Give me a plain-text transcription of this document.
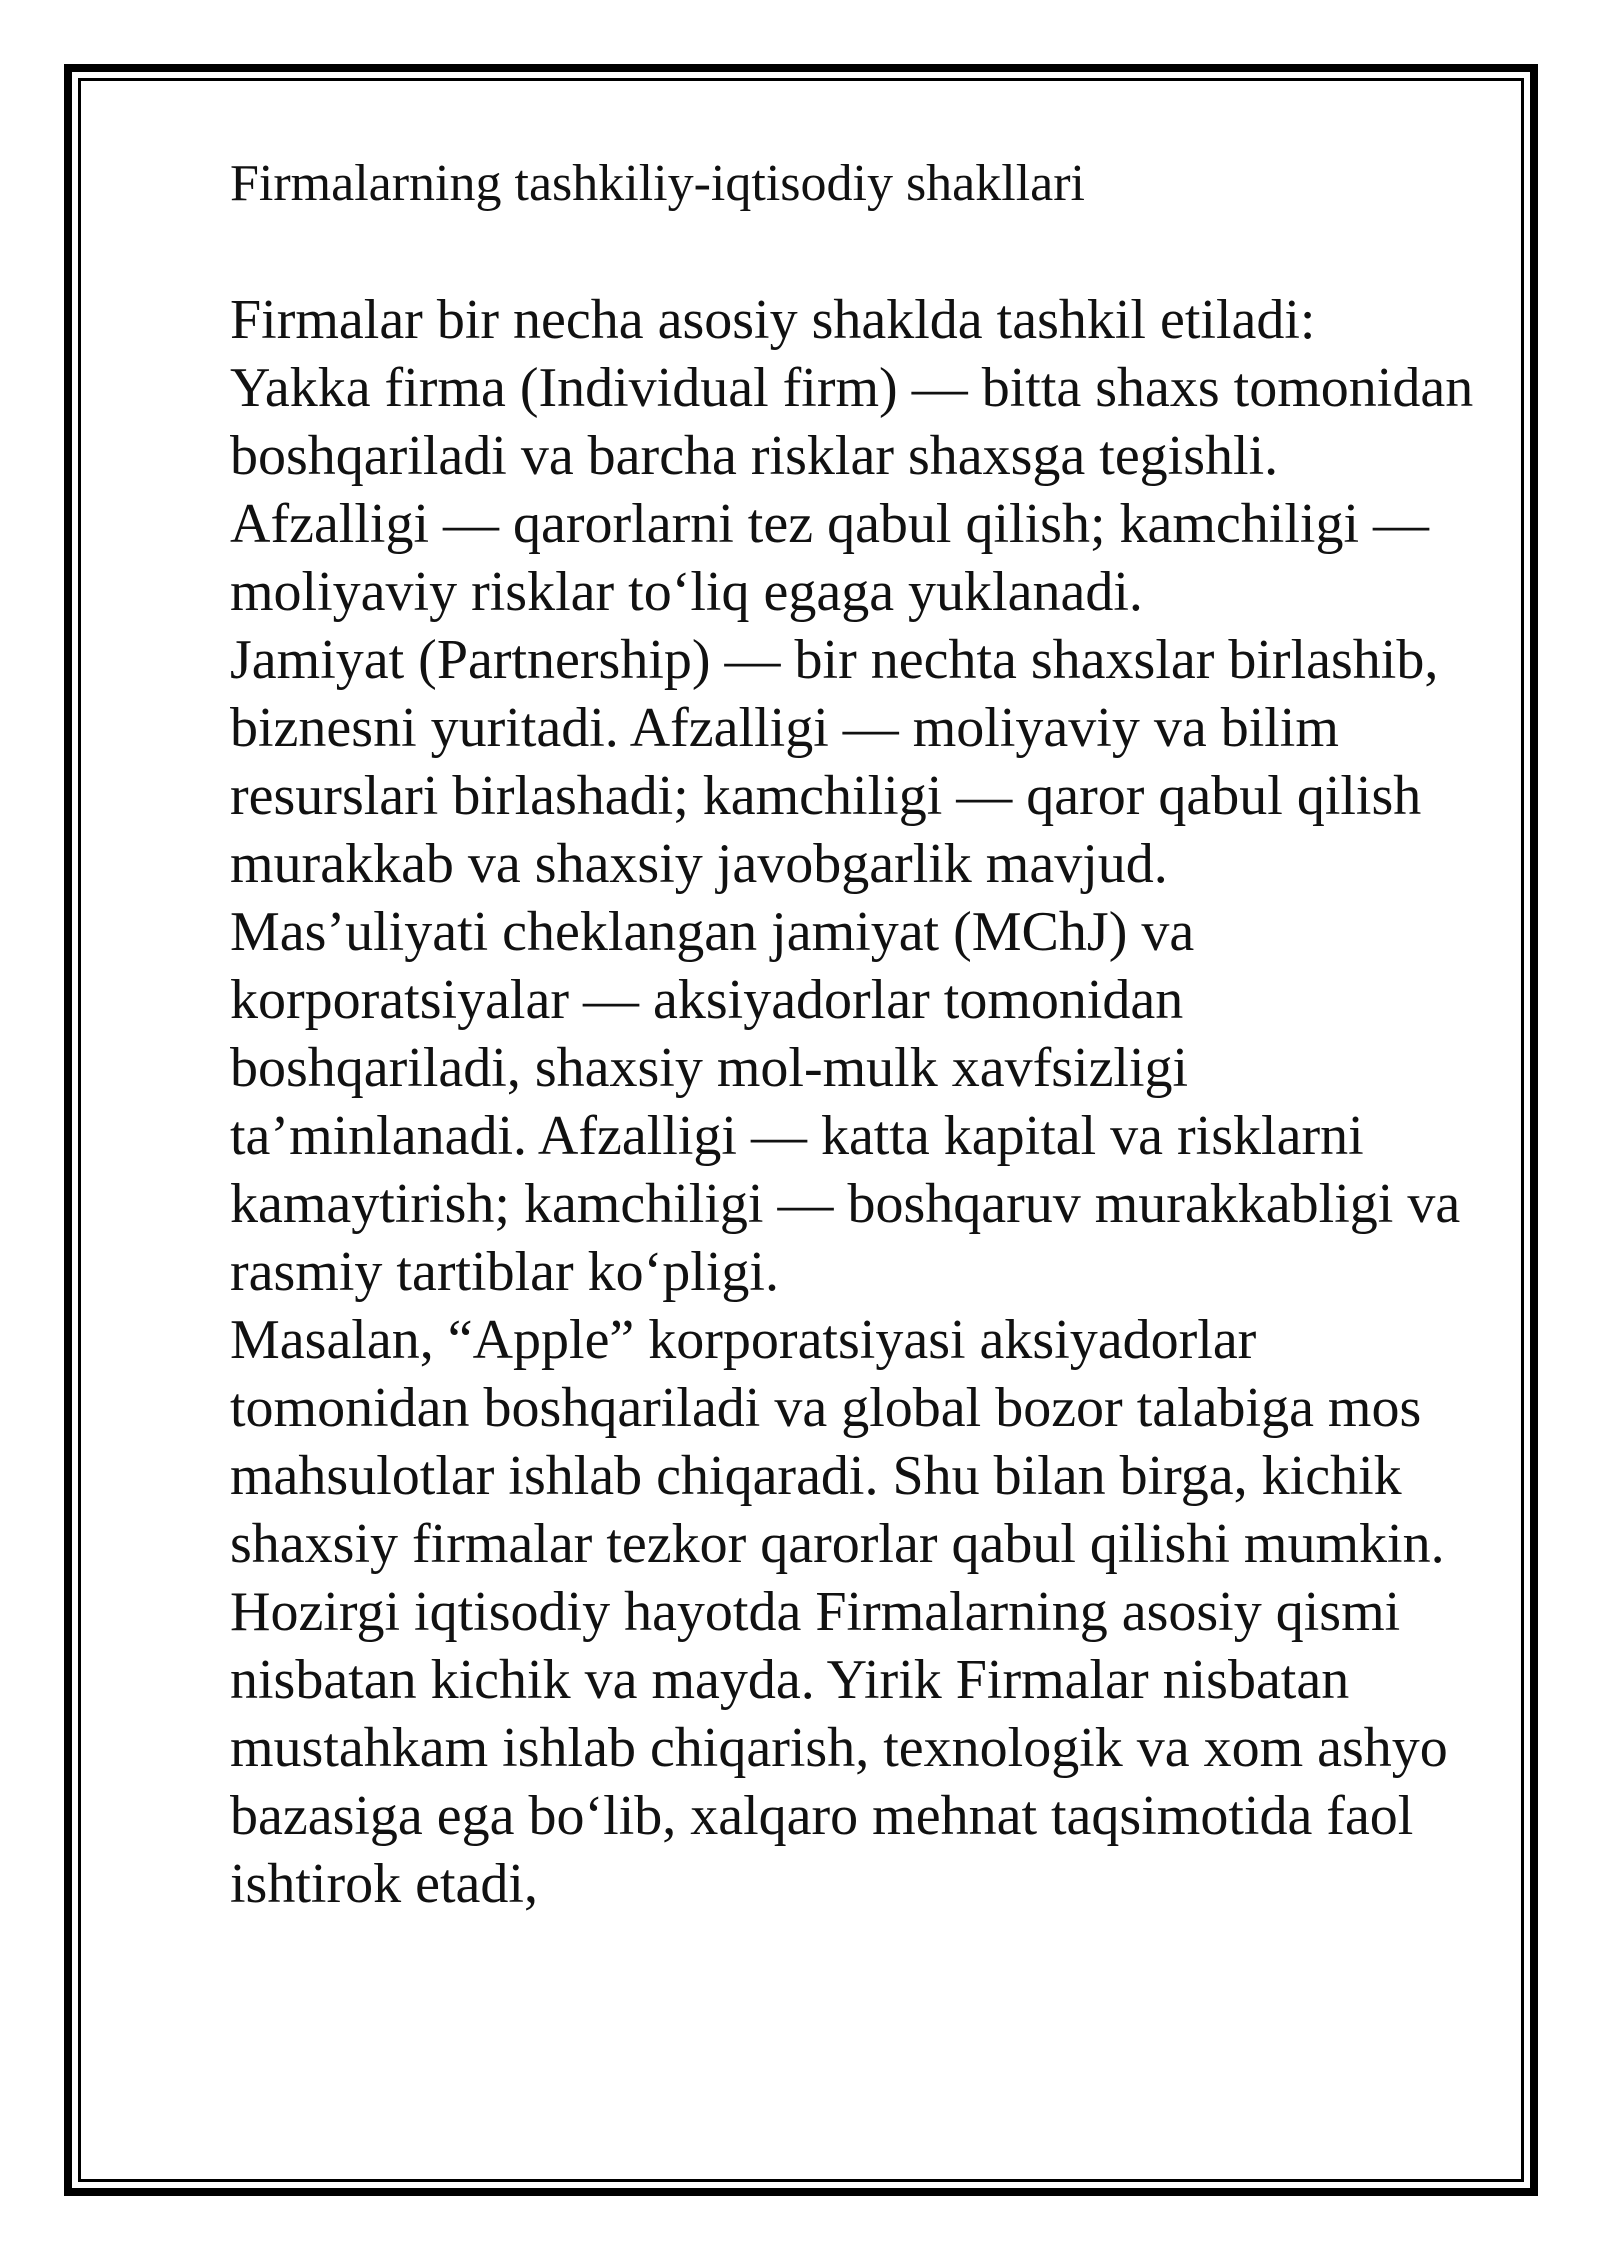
Firmalarning tashkiliy-iqtisodiy shakllari

Firmalar bir necha asosiy shaklda tashkil etiladi:

Yakka firma (Individual firm) — bitta shaxs tomonidan boshqariladi va barcha risklar shaxsga tegishli. Afzalligi — qarorlarni tez qabul qilish; kamchiligi — moliyaviy risklar to‘liq egaga yuklanadi.

Jamiyat (Partnership) — bir nechta shaxslar birlashib, biznesni yuritadi. Afzalligi — moliyaviy va bilim resurslari birlashadi; kamchiligi — qaror qabul qilish murakkab va shaxsiy javobgarlik mavjud.

Mas’uliyati cheklangan jamiyat (MChJ) va korporatsiyalar — aksiyadorlar tomonidan boshqariladi, shaxsiy mol-mulk xavfsizligi ta’minlanadi. Afzalligi — katta kapital va risklarni kamaytirish; kamchiligi — boshqaruv murakkabligi va rasmiy tartiblar ko‘pligi.

Masalan, “Apple” korporatsiyasi aksiyadorlar tomonidan boshqariladi va global bozor talabiga mos mahsulotlar ishlab chiqaradi. Shu bilan birga, kichik shaxsiy firmalar tezkor qarorlar qabul qilishi mumkin. Hozirgi iqtisodiy hayotda Firmalarning asosiy qismi nisbatan kichik va mayda. Yirik Firmalar nisbatan mustahkam ishlab chiqarish, texnologik va xom ashyo bazasiga ega bo‘lib, xalqaro mehnat taqsimotida faol ishtirok etadi,
